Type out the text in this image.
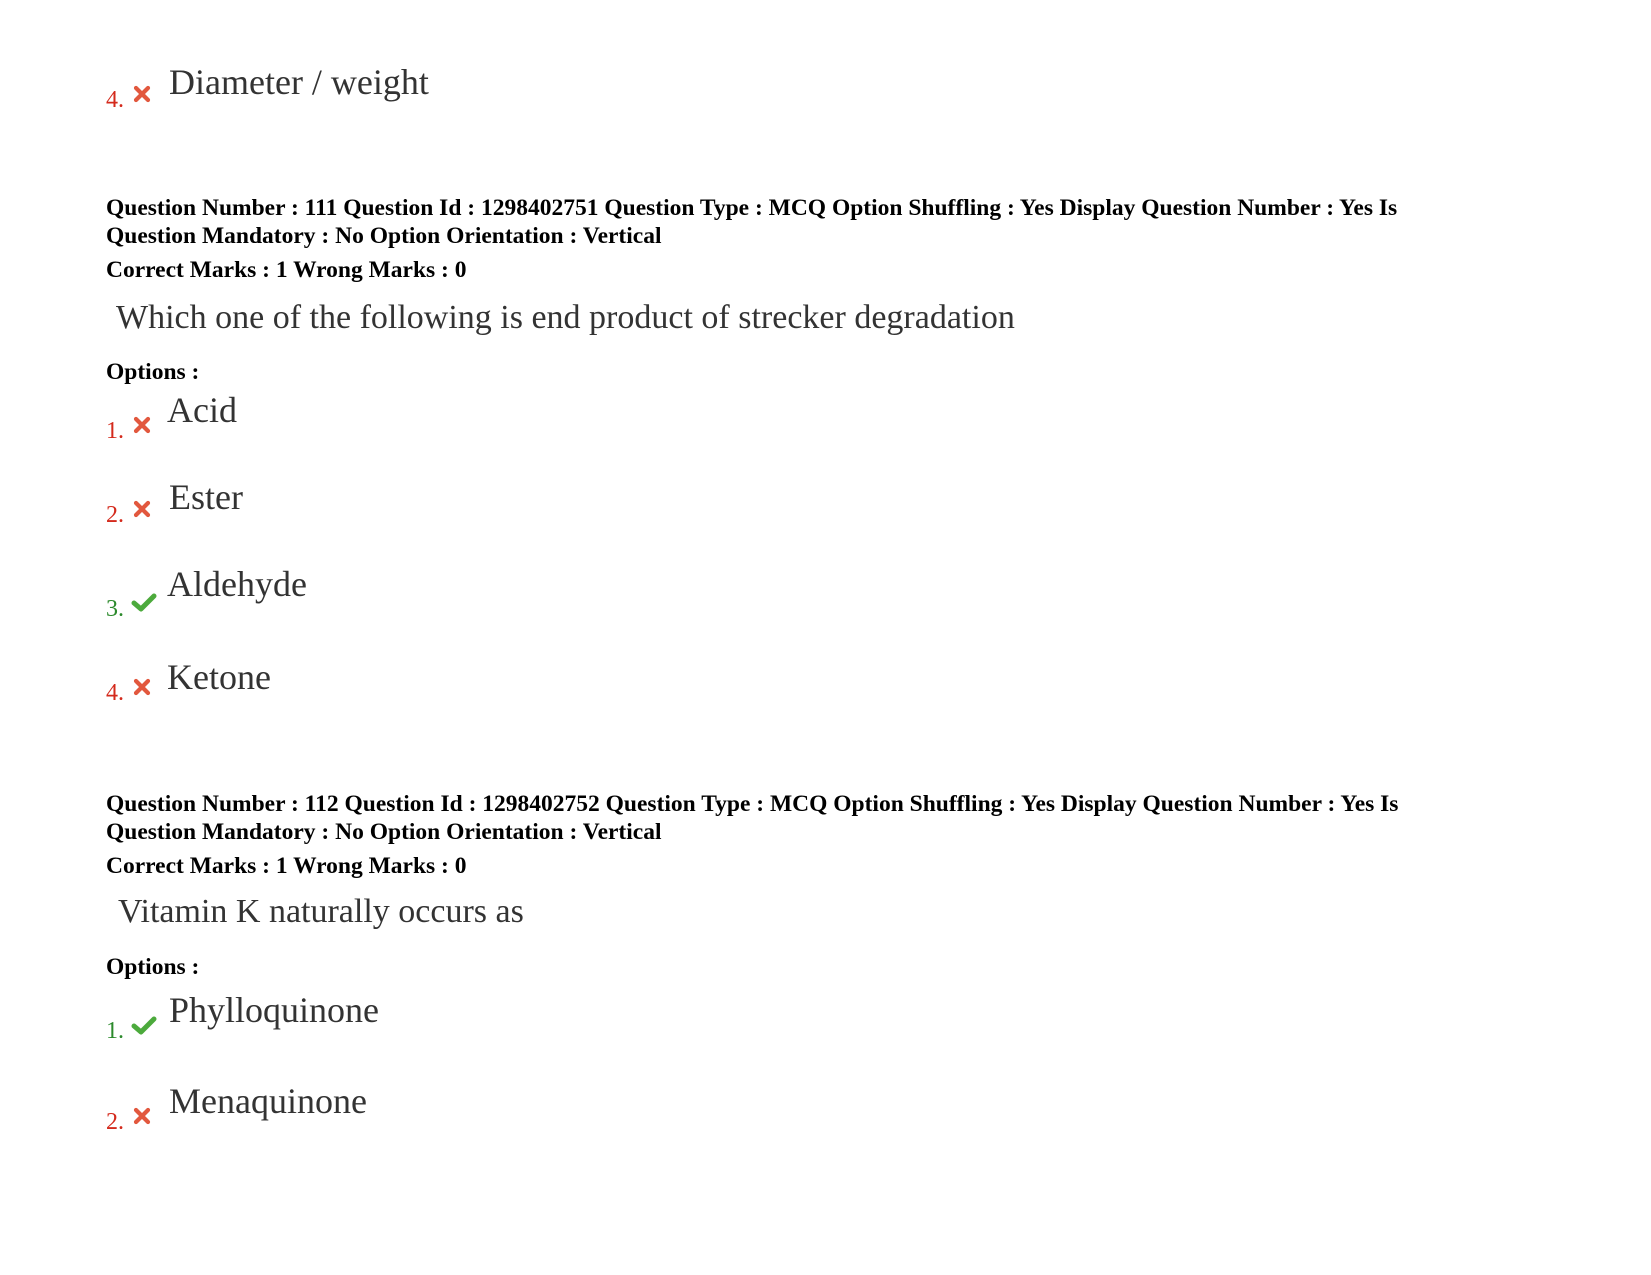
4. Diameter / weight
Question Number : 111 Question Id : 1298402751 Question Type : MCQ Option Shuffling : Yes Display Question Number : Yes Is
Question Mandatory : No Option Orientation : Vertical
Correct Marks : 1 Wrong Marks : 0
Which one of the following is end product of strecker degradation
Options :
1.
Acid
2. Ester
3.
Aldehyde
4. Ketone
Question Number : 112 Question Id : 1298402752 Question Type : MCQ Option Shuffling : Yes Display Question Number : Yes Is
Question Mandatory : No Option Orientation : Vertical
Correct Marks : 1 Wrong Marks : 0
Vitamin K naturally occurs as
Options :
1.
Phylloquinone
2.
Menaquinone
